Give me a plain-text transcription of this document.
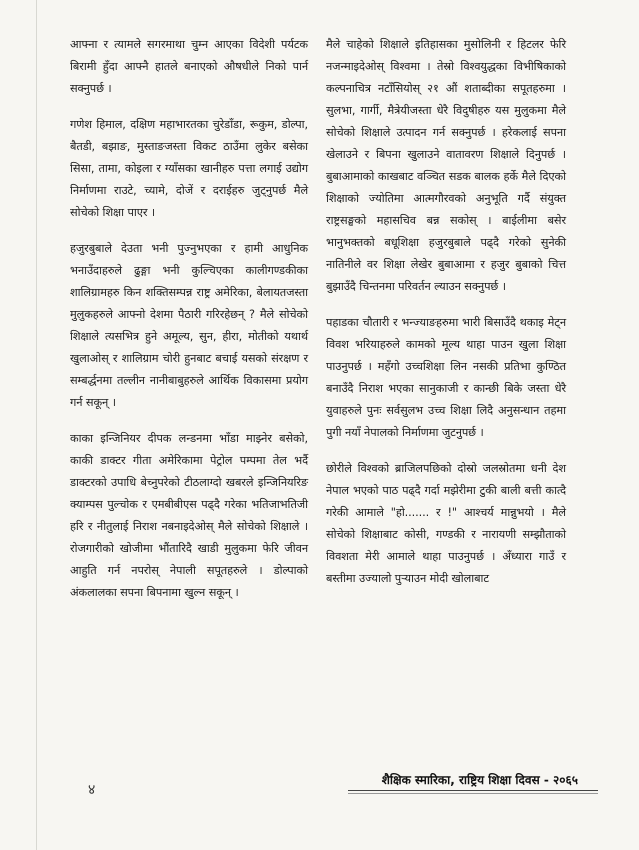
आफ्ना र त्यामले सगरमाथा चुम्न आएका विदेशी पर्यटक बिरामी हुँदा आफ्नै हातले बनाएको औषधीले निको पार्न सक्नुपर्छ ।

गणेश हिमाल, दक्षिण महाभारतका चुरेडाँडा, रूकुम, डोल्पा, बैतडी, बझाङ, मुस्ताङजस्ता विकट ठाउँमा लुकेर बसेका सिसा, तामा, कोइला र ग्याँसका खानीहरु पत्ता लगाई उद्योग निर्माणमा राउटे, च्यामे, दोजें र दराईहरु जुट्नुपर्छ मैले सोचेको शिक्षा पाएर ।

हजुरबुबाले देउता भनी पुज्नुभएका र हामी आधुनिक भनाउँदाहरुले ढुङ्गा भनी कुल्चिएका कालीगण्डकीका शालिग्रामहरु किन शक्तिसम्पन्न राष्ट्र अमेरिका, बेलायतजस्ता मुलुकहरुले आफ्नो देशमा पैठारी गरिरहेछन् ? मैले सोचेको शिक्षाले त्यसभित्र हुने अमूल्य, सुन, हीरा, मोतीको यथार्थ खुलाओस् र शालिग्राम चोरी हुनबाट बचाई यसको संरक्षण र सम्बर्द्धनमा तल्लीन नानीबाबुहरुले आर्थिक विकासमा प्रयोग गर्न सकून् ।

काका इन्जिनियर दीपक लन्डनमा भाँडा माझ्नेर बसेको, काकी डाक्टर गीता अमेरिकामा पेट्रोल पम्पमा तेल भर्दै डाक्टरको उपाधि बेच्नुपरेको टीठलाग्दो खबरले इन्जिनियरिङ क्याम्पस पुल्चोक र एमबीबीएस पढ्दै गरेका भतिजाभतिजी हरि र नीतुलाई निराश नबनाइदेओस् मैले सोचेको शिक्षाले । रोजगारीको खोजीमा भौंतारिदै खाडी मुलुकमा फेरि जीवन आहुति गर्न नपरोस् नेपाली सपूतहरुले । डोल्पाको अंकलालका सपना बिपनामा खुल्न सकून् ।

मैले चाहेको शिक्षाले इतिहासका मुसोलिनी र हिटलर फेरि नजन्माइदेओस् विश्वमा । तेस्रो विश्वयुद्धका विभीषिकाको कल्पनाचित्र नटाँसियोस् २१ औं शताब्दीका सपूतहरुमा । सुलभा, गार्गी, मैत्रेयीजस्ता धेरै विदुषीहरु यस मुलुकमा मैले सोचेको शिक्षाले उत्पादन गर्न सक्नुपर्छ । हरेकलाई सपना खेलाउने र बिपना खुलाउने वातावरण शिक्षाले दिनुपर्छ । बुबाआमाको काखबाट वञ्चित सडक बालक हर्के मैले दिएको शिक्षाको ज्योतिमा आत्मगौरवको अनुभूति गर्दै संयुक्त राष्ट्रसङ्घको महासचिव बन्न सकोस् । बाईलीमा बसेर भानुभक्तको बधूशिक्षा हजुरबुबाले पढ्दै गरेको सुनेकी नातिनीले वर शिक्षा लेखेर बुबाआमा र हजुर बुबाको चित्त बुझाउँदै चिन्तनमा परिवर्तन ल्याउन सक्नुपर्छ ।

पहाडका चौतारी र भन्ज्याङहरुमा भारी बिसाउँदै थकाइ मेट्न विवश भरियाहरुले कामको मूल्य थाहा पाउन खुला शिक्षा पाउनुपर्छ । महँगो उच्चशिक्षा लिन नसकी प्रतिभा कुण्ठित बनाउँदै निराश भएका सानुकाजी र कान्छी बिके जस्ता धेरै युवाहरुले पुनः सर्वसुलभ उच्च शिक्षा लिदै अनुसन्धान तहमा पुगी नयाँ नेपालको निर्माणमा जुटनुपर्छ ।

छोरीले विश्वको ब्राजिलपछिको दोस्रो जलस्रोतमा धनी देश नेपाल भएको पाठ पढ्दै गर्दा मझेरीमा टुकी बाली बत्ती कात्दै गरेकी आमाले "हो....... र !" आश्चर्य मान्नुभयो । मैले सोचेको शिक्षाबाट कोसी, गण्डकी र नारायणी सम्झौताको विवशता मेरी आमाले थाहा पाउनुपर्छ । अँध्यारा गाउँ र बस्तीमा उज्यालो पुऱ्याउन मोदी खोलाबाट

४
शैक्षिक स्मारिका, राष्ट्रिय शिक्षा दिवस - २०६५
